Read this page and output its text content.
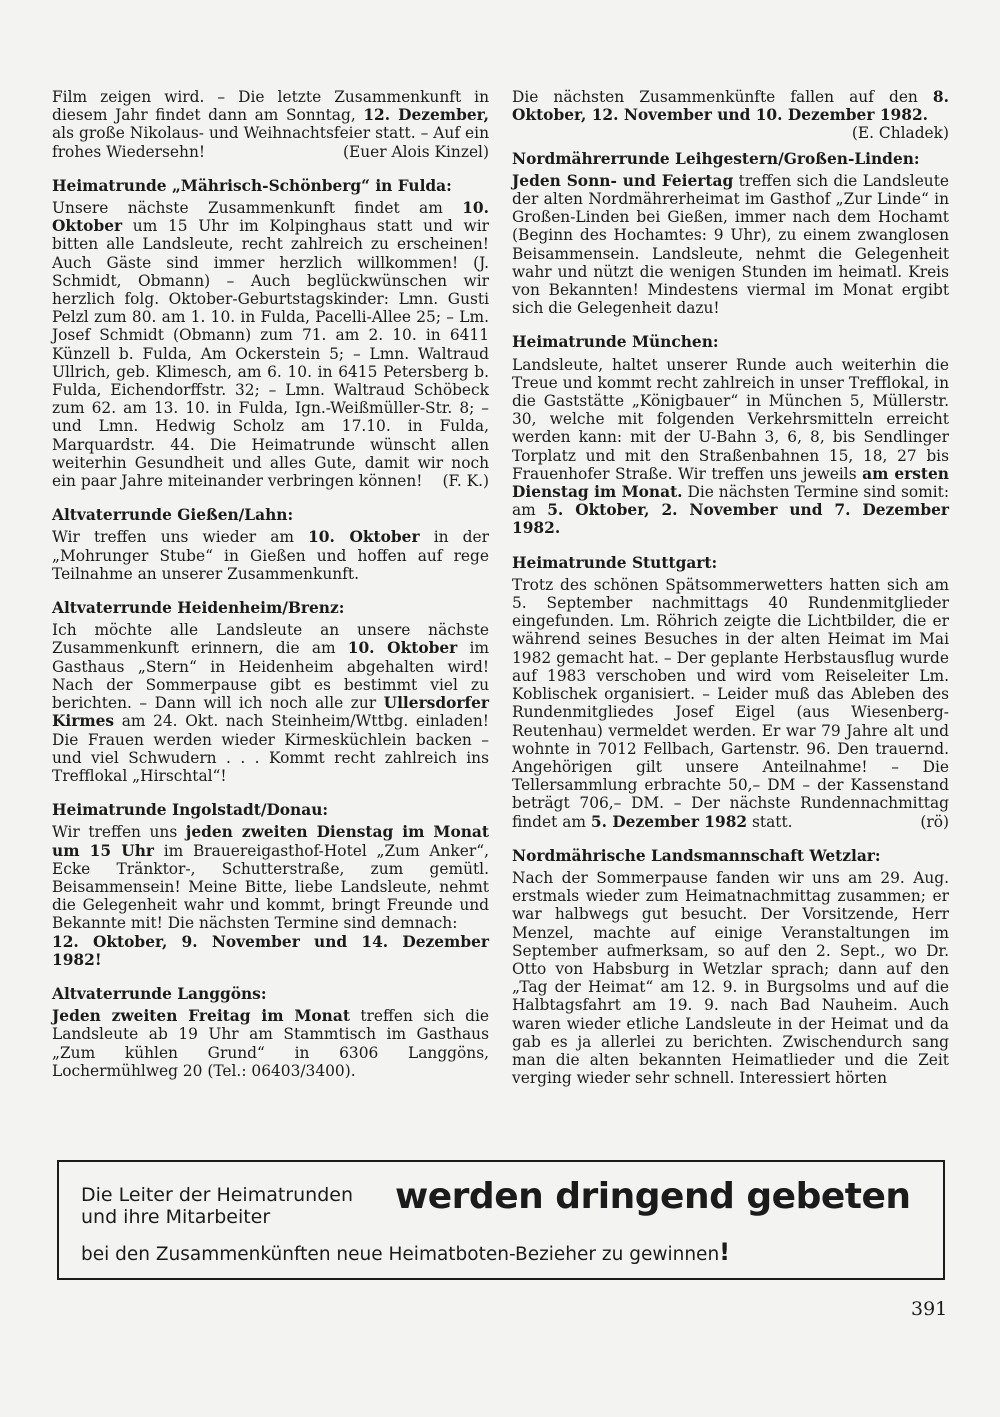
Film zeigen wird. – Die letzte Zusammenkunft in diesem Jahr findet dann am Sonntag, 12. Dezember, als große Nikolaus- und Weihnachtsfeier statt. – Auf ein frohes Wiedersehn!	(Euer Alois Kinzel)

Heimatrunde „Mährisch-Schönberg“ in Fulda:

Unsere nächste Zusammenkunft findet am 10. Oktober um 15 Uhr im Kolpinghaus statt und wir bitten alle Landsleute, recht zahlreich zu erscheinen! Auch Gäste sind immer herzlich willkommen! (J. Schmidt, Obmann) – Auch beglückwünschen wir herzlich folg. Oktober-Geburtstagskinder: Lmn. Gusti Pelzl zum 80. am 1. 10. in Fulda, Pacelli-Allee 25; – Lm. Josef Schmidt (Obmann) zum 71. am 2. 10. in 6411 Künzell b. Fulda, Am Ockerstein 5; – Lmn. Waltraud Ullrich, geb. Klimesch, am 6. 10. in 6415 Petersberg b. Fulda, Eichendorffstr. 32; – Lmn. Waltraud Schöbeck zum 62. am 13. 10. in Fulda, Ign.-Weißmüller-Str. 8; – und Lmn. Hedwig Scholz am 17.10. in Fulda, Marquardstr. 44. Die Heimatrunde wünscht allen weiterhin Gesundheit und alles Gute, damit wir noch ein paar Jahre miteinander verbringen können! (F. K.)

Altvaterrunde Gießen/Lahn:

Wir treffen uns wieder am 10. Oktober in der „Mohrunger Stube“ in Gießen und hoffen auf rege Teilnahme an unserer Zusammenkunft.

Altvaterrunde Heidenheim/Brenz:

Ich möchte alle Landsleute an unsere nächste Zusammenkunft erinnern, die am 10. Oktober im Gasthaus „Stern“ in Heidenheim abgehalten wird! Nach der Sommerpause gibt es bestimmt viel zu berichten. – Dann will ich noch alle zur Ullersdorfer Kirmes am 24. Okt. nach Steinheim/Wttbg. einladen! Die Frauen werden wieder Kirmesküchlein backen – und viel Schwudern . . . Kommt recht zahlreich ins Trefflokal „Hirschtal“!

Heimatrunde Ingolstadt/Donau:

Wir treffen uns jeden zweiten Dienstag im Monat um 15 Uhr im Brauereigasthof-Hotel „Zum Anker“, Ecke Tränktor-, Schutterstraße, zum gemütl. Beisammensein! Meine Bitte, liebe Landsleute, nehmt die Gelegenheit wahr und kommt, bringt Freunde und Bekannte mit! Die nächsten Termine sind demnach:

12. Oktober, 9. November und 14. Dezember 1982!

Altvaterrunde Langgöns:

Jeden zweiten Freitag im Monat treffen sich die Landsleute ab 19 Uhr am Stammtisch im Gasthaus „Zum kühlen Grund“ in 6306 Langgöns, Lochermühlweg 20 (Tel.: 06403/3400).

Die nächsten Zusammenkünfte fallen auf den 8. Oktober, 12. November und 10. Dezember 1982.

(E. Chladek)

Nordmährerrunde Leihgestern/Großen-Linden:

Jeden Sonn- und Feiertag treffen sich die Landsleute der alten Nordmährerheimat im Gasthof „Zur Linde“ in Großen-Linden bei Gießen, immer nach dem Hochamt (Beginn des Hochamtes: 9 Uhr), zu einem zwanglosen Beisammensein. Landsleute, nehmt die Gelegenheit wahr und nützt die wenigen Stunden im heimatl. Kreis von Bekannten! Mindestens viermal im Monat ergibt sich die Gelegenheit dazu!

Heimatrunde München:

Landsleute, haltet unserer Runde auch weiterhin die Treue und kommt recht zahlreich in unser Trefflokal, in die Gaststätte „Königbauer“ in München 5, Müllerstr. 30, welche mit folgenden Verkehrsmitteln erreicht werden kann: mit der U-Bahn 3, 6, 8, bis Sendlinger Torplatz und mit den Straßenbahnen 15, 18, 27 bis Frauenhofer Straße. Wir treffen uns jeweils am ersten Dienstag im Monat. Die nächsten Termine sind somit: am 5. Oktober, 2. November und 7. Dezember 1982.

Heimatrunde Stuttgart:

Trotz des schönen Spätsommerwetters hatten sich am 5. September nachmittags 40 Rundenmitglieder eingefunden. Lm. Röhrich zeigte die Lichtbilder, die er während seines Besuches in der alten Heimat im Mai 1982 gemacht hat. – Der geplante Herbstausflug wurde auf 1983 verschoben und wird vom Reiseleiter Lm. Koblischek organisiert. – Leider muß das Ableben des Rundenmitgliedes Josef Eigel (aus Wiesenberg-Reutenhau) vermeldet werden. Er war 79 Jahre alt und wohnte in 7012 Fellbach, Gartenstr. 96. Den trauernd. Angehörigen gilt unsere Anteilnahme! – Die Tellersammlung erbrachte 50,– DM – der Kassenstand beträgt 706,– DM. – Der nächste Rundennachmittag findet am 5. Dezember 1982 statt.	(rö)

Nordmährische Landsmannschaft Wetzlar:

Nach der Sommerpause fanden wir uns am 29. Aug. erstmals wieder zum Heimatnachmittag zusammen; er war halbwegs gut besucht. Der Vorsitzende, Herr Menzel, machte auf einige Veranstaltungen im September aufmerksam, so auf den 2. Sept., wo Dr. Otto von Habsburg in Wetzlar sprach; dann auf den „Tag der Heimat“ am 12. 9. in Burgsolms und auf die Halbtagsfahrt am 19. 9. nach Bad Nauheim. Auch waren wieder etliche Landsleute in der Heimat und da gab es ja allerlei zu berichten. Zwischendurch sang man die alten bekannten Heimatlieder und die Zeit verging wieder sehr schnell. Interessiert hörten

Die Leiter der Heimatrunden
und ihre Mitarbeiter	werden dringend gebeten
bei den Zusammenkünften neue Heimatboten-Bezieher zu gewinnen!
391
